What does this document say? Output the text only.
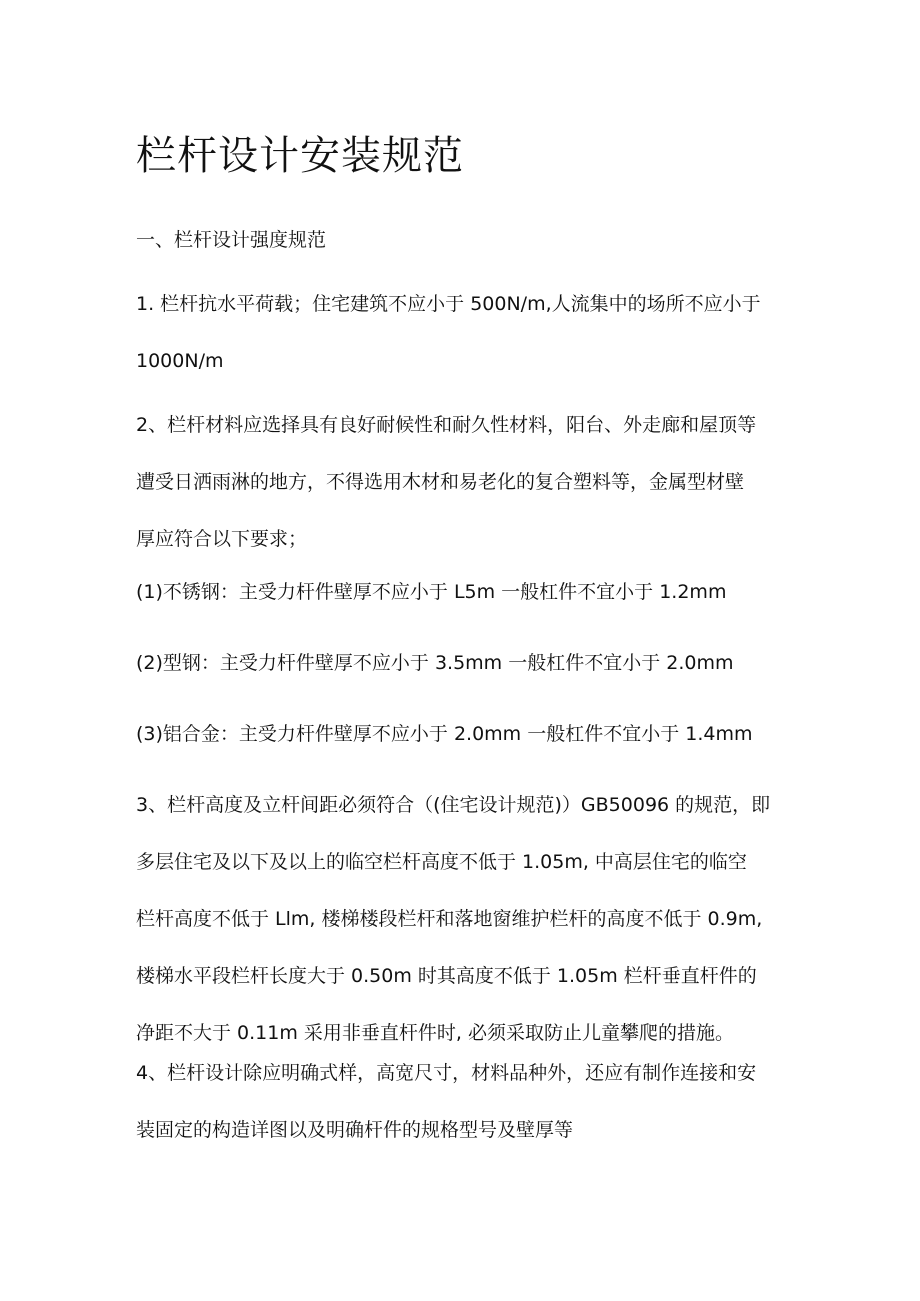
栏杆设计安装规范

一、栏杆设计强度规范

1. 栏杆抗水平荷载；住宅建筑不应小于 500N/m,人流集中的场所不应小于
1000N/m

2、栏杆材料应选择具有良好耐候性和耐久性材料，阳台、外走廊和屋顶等
遭受日洒雨淋的地方，不得选用木材和易老化的复合塑料等，金属型材壁
厚应符合以下要求；

(1)不锈钢：主受力杆件壁厚不应小于 L5m 一般杠件不宜小于 1.2mm

(2)型钢：主受力杆件壁厚不应小于 3.5mm 一般杠件不宜小于 2.0mm

(3)铝合金：主受力杆件壁厚不应小于 2.0mm 一般杠件不宜小于 1.4mm

3、栏杆高度及立杆间距必须符合（(住宅设计规范)）GB50096 的规范，即
多层住宅及以下及以上的临空栏杆高度不低于 1.05m, 中高层住宅的临空
栏杆高度不低于 Llm, 楼梯楼段栏杆和落地窗维护栏杆的高度不低于 0.9m,
楼梯水平段栏杆长度大于 0.50m 时其高度不低于 1.05m 栏杆垂直杆件的
净距不大于 0.11m 采用非垂直杆件时, 必须采取防止儿童攀爬的措施。

4、栏杆设计除应明确式样，高宽尺寸，材料品种外，还应有制作连接和安
装固定的构造详图以及明确杆件的规格型号及壁厚等
